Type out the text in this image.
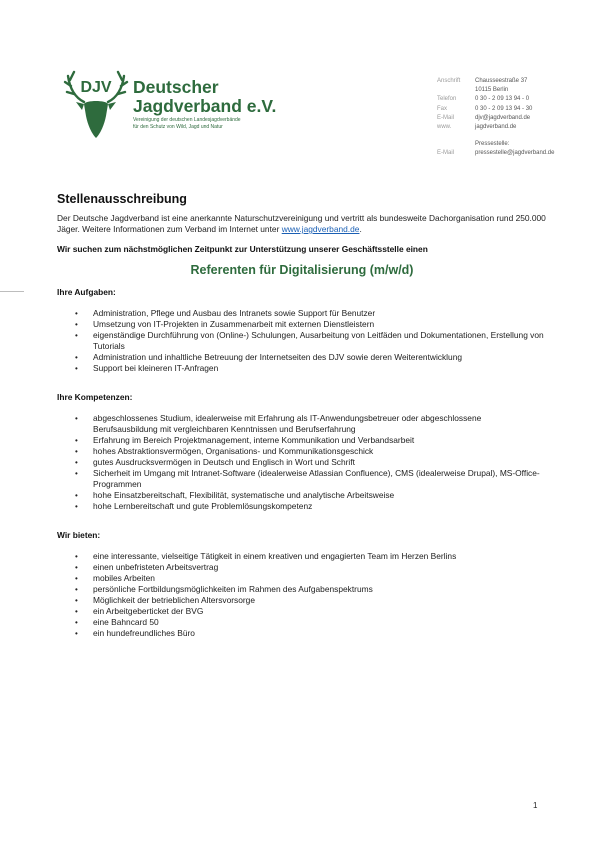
DJV Deutscher
Jagdverband e.V.
Vereinigung der deutschen Landesjagdverbände
für den Schutz von Wild, Jagd und Natur
Anschrift	Chausseestraße 37
10115 Berlin
Telefon	0 30 - 2 09 13 94 - 0
Fax	0 30 - 2 09 13 94 - 30
E-Mail	djv@jagdverband.de
www.	jagdverband.de
Pressestelle:
E-Mail	pressestelle@jagdverband.de

Stellenausschreibung

Der Deutsche Jagdverband ist eine anerkannte Naturschutzvereinigung und vertritt als bundesweite Dachorganisation rund 250.000 Jäger. Weitere Informationen zum Verband im Internet unter www.jagdverband.de.

Wir suchen zum nächstmöglichen Zeitpunkt zur Unterstützung unserer Geschäftsstelle einen

Referenten für Digitalisierung (m/w/d)

Ihre Aufgaben:

• Administration, Pflege und Ausbau des Intranets sowie Support für Benutzer
• Umsetzung von IT-Projekten in Zusammenarbeit mit externen Dienstleistern
• eigenständige Durchführung von (Online-) Schulungen, Ausarbeitung von Leitfäden und Dokumentationen, Erstellung von Tutorials
• Administration und inhaltliche Betreuung der Internetseiten des DJV sowie deren Weiterentwicklung
• Support bei kleineren IT-Anfragen

Ihre Kompetenzen:

• abgeschlossenes Studium, idealerweise mit Erfahrung als IT-Anwendungsbetreuer oder abgeschlossene Berufsausbildung mit vergleichbaren Kenntnissen und Berufserfahrung
• Erfahrung im Bereich Projektmanagement, interne Kommunikation und Verbandsarbeit
• hohes Abstraktionsvermögen, Organisations- und Kommunikationsgeschick
• gutes Ausdrucksvermögen in Deutsch und Englisch in Wort und Schrift
• Sicherheit im Umgang mit Intranet-Software (idealerweise Atlassian Confluence), CMS (idealerweise Drupal), MS-Office-Programmen
• hohe Einsatzbereitschaft, Flexibilität, systematische und analytische Arbeitsweise
• hohe Lernbereitschaft und gute Problemlösungskompetenz

Wir bieten:

• eine interessante, vielseitige Tätigkeit in einem kreativen und engagierten Team im Herzen Berlins
• einen unbefristeten Arbeitsvertrag
• mobiles Arbeiten
• persönliche Fortbildungsmöglichkeiten im Rahmen des Aufgabenspektrums
• Möglichkeit der betrieblichen Altersvorsorge
• ein Arbeitgeberticket der BVG
• eine Bahncard 50
• ein hundefreundliches Büro
1
